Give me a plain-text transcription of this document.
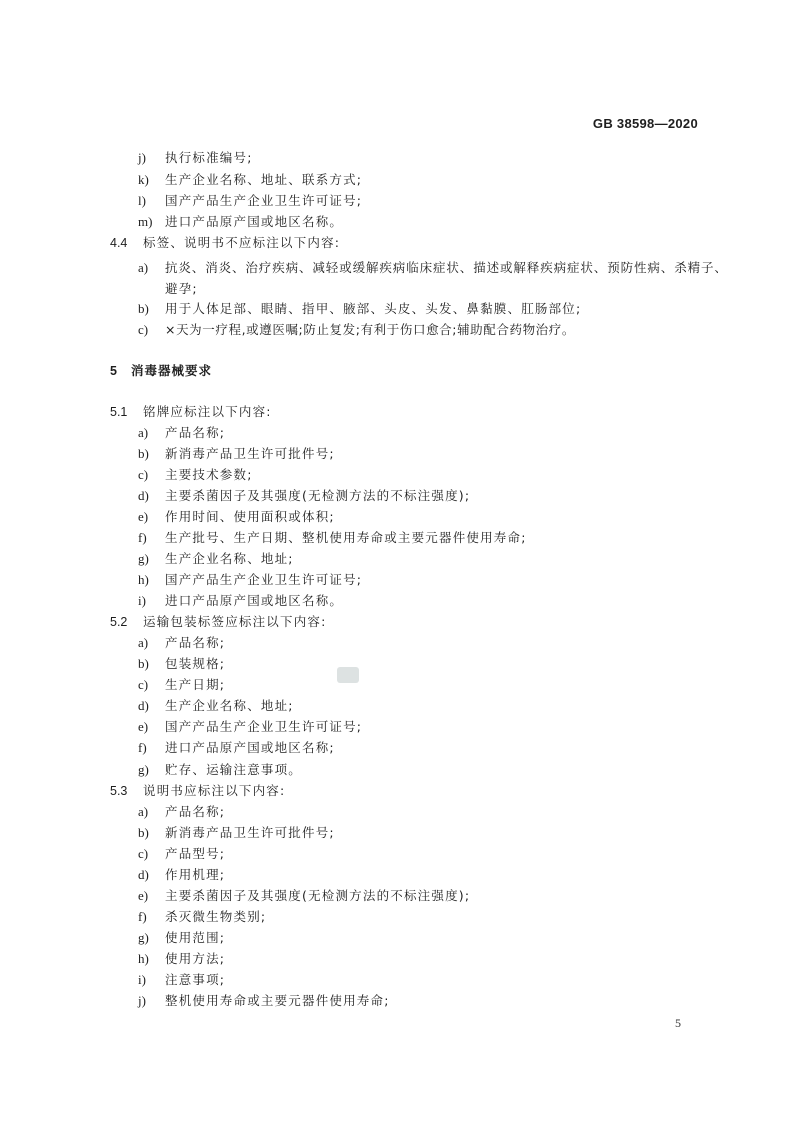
GB 38598—2020
j) 执行标准编号;
k) 生产企业名称、地址、联系方式;
l) 国产产品生产企业卫生许可证号;
m) 进口产品原产国或地区名称。
4.4 标签、说明书不应标注以下内容:
a) 抗炎、消炎、治疗疾病、减轻或缓解疾病临床症状、描述或解释疾病症状、预防性病、杀精子、
避孕;
b) 用于人体足部、眼睛、指甲、腋部、头皮、头发、鼻黏膜、肛肠部位;
c) ×天为一疗程,或遵医嘱;防止复发;有利于伤口愈合;辅助配合药物治疗。
5 消毒器械要求
5.1 铭牌应标注以下内容:
a) 产品名称;
b) 新消毒产品卫生许可批件号;
c) 主要技术参数;
d) 主要杀菌因子及其强度(无检测方法的不标注强度);
e) 作用时间、使用面积或体积;
f) 生产批号、生产日期、整机使用寿命或主要元器件使用寿命;
g) 生产企业名称、地址;
h) 国产产品生产企业卫生许可证号;
i) 进口产品原产国或地区名称。
5.2 运输包装标签应标注以下内容:
a) 产品名称;
b) 包装规格;
c) 生产日期;
d) 生产企业名称、地址;
e) 国产产品生产企业卫生许可证号;
f) 进口产品原产国或地区名称;
g) 贮存、运输注意事项。
5.3 说明书应标注以下内容:
a) 产品名称;
b) 新消毒产品卫生许可批件号;
c) 产品型号;
d) 作用机理;
e) 主要杀菌因子及其强度(无检测方法的不标注强度);
f) 杀灭微生物类别;
g) 使用范围;
h) 使用方法;
i) 注意事项;
j) 整机使用寿命或主要元器件使用寿命;
5
